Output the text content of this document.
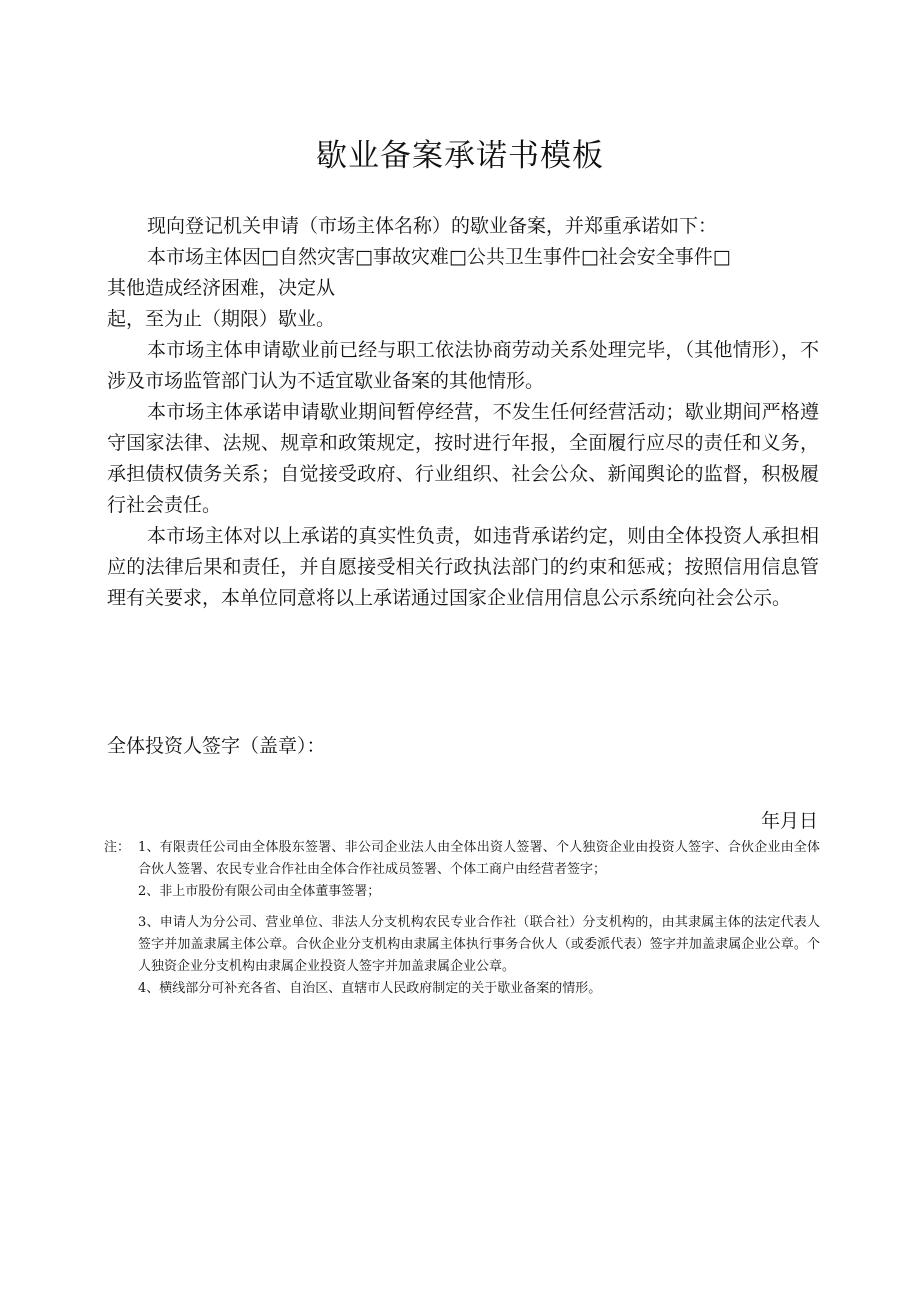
歇业备案承诺书模板

现向登记机关申请（市场主体名称）的歇业备案，并郑重承诺如下：

本市场主体因□自然灾害□事故灾难□公共卫生事件□社会安全事件□

其他造成经济困难，决定从

起，至为止（期限）歇业。

本市场主体申请歇业前已经与职工依法协商劳动关系处理完毕，（其他情形），不涉及市场监管部门认为不适宜歇业备案的其他情形。

本市场主体承诺申请歇业期间暂停经营，不发生任何经营活动；歇业期间严格遵守国家法律、法规、规章和政策规定，按时进行年报，全面履行应尽的责任和义务，承担债权债务关系；自觉接受政府、行业组织、社会公众、新闻舆论的监督，积极履行社会责任。

本市场主体对以上承诺的真实性负责，如违背承诺约定，则由全体投资人承担相应的法律后果和责任，并自愿接受相关行政执法部门的约束和惩戒；按照信用信息管理有关要求，本单位同意将以上承诺通过国家企业信用信息公示系统向社会公示。

全体投资人签字（盖章）：
年月日
注： 1、有限责任公司由全体股东签署、非公司企业法人由全体出资人签署、个人独资企业由投资人签字、合伙企业由全体合伙人签署、农民专业合作社由全体合作社成员签署、个体工商户由经营者签字；
2、非上市股份有限公司由全体董事签署；
3、申请人为分公司、营业单位、非法人分支机构农民专业合作社（联合社）分支机构的，由其隶属主体的法定代表人签字并加盖隶属主体公章。合伙企业分支机构由隶属主体执行事务合伙人（或委派代表）签字并加盖隶属企业公章。个人独资企业分支机构由隶属企业投资人签字并加盖隶属企业公章。
4、横线部分可补充各省、自治区、直辖市人民政府制定的关于歇业备案的情形。
